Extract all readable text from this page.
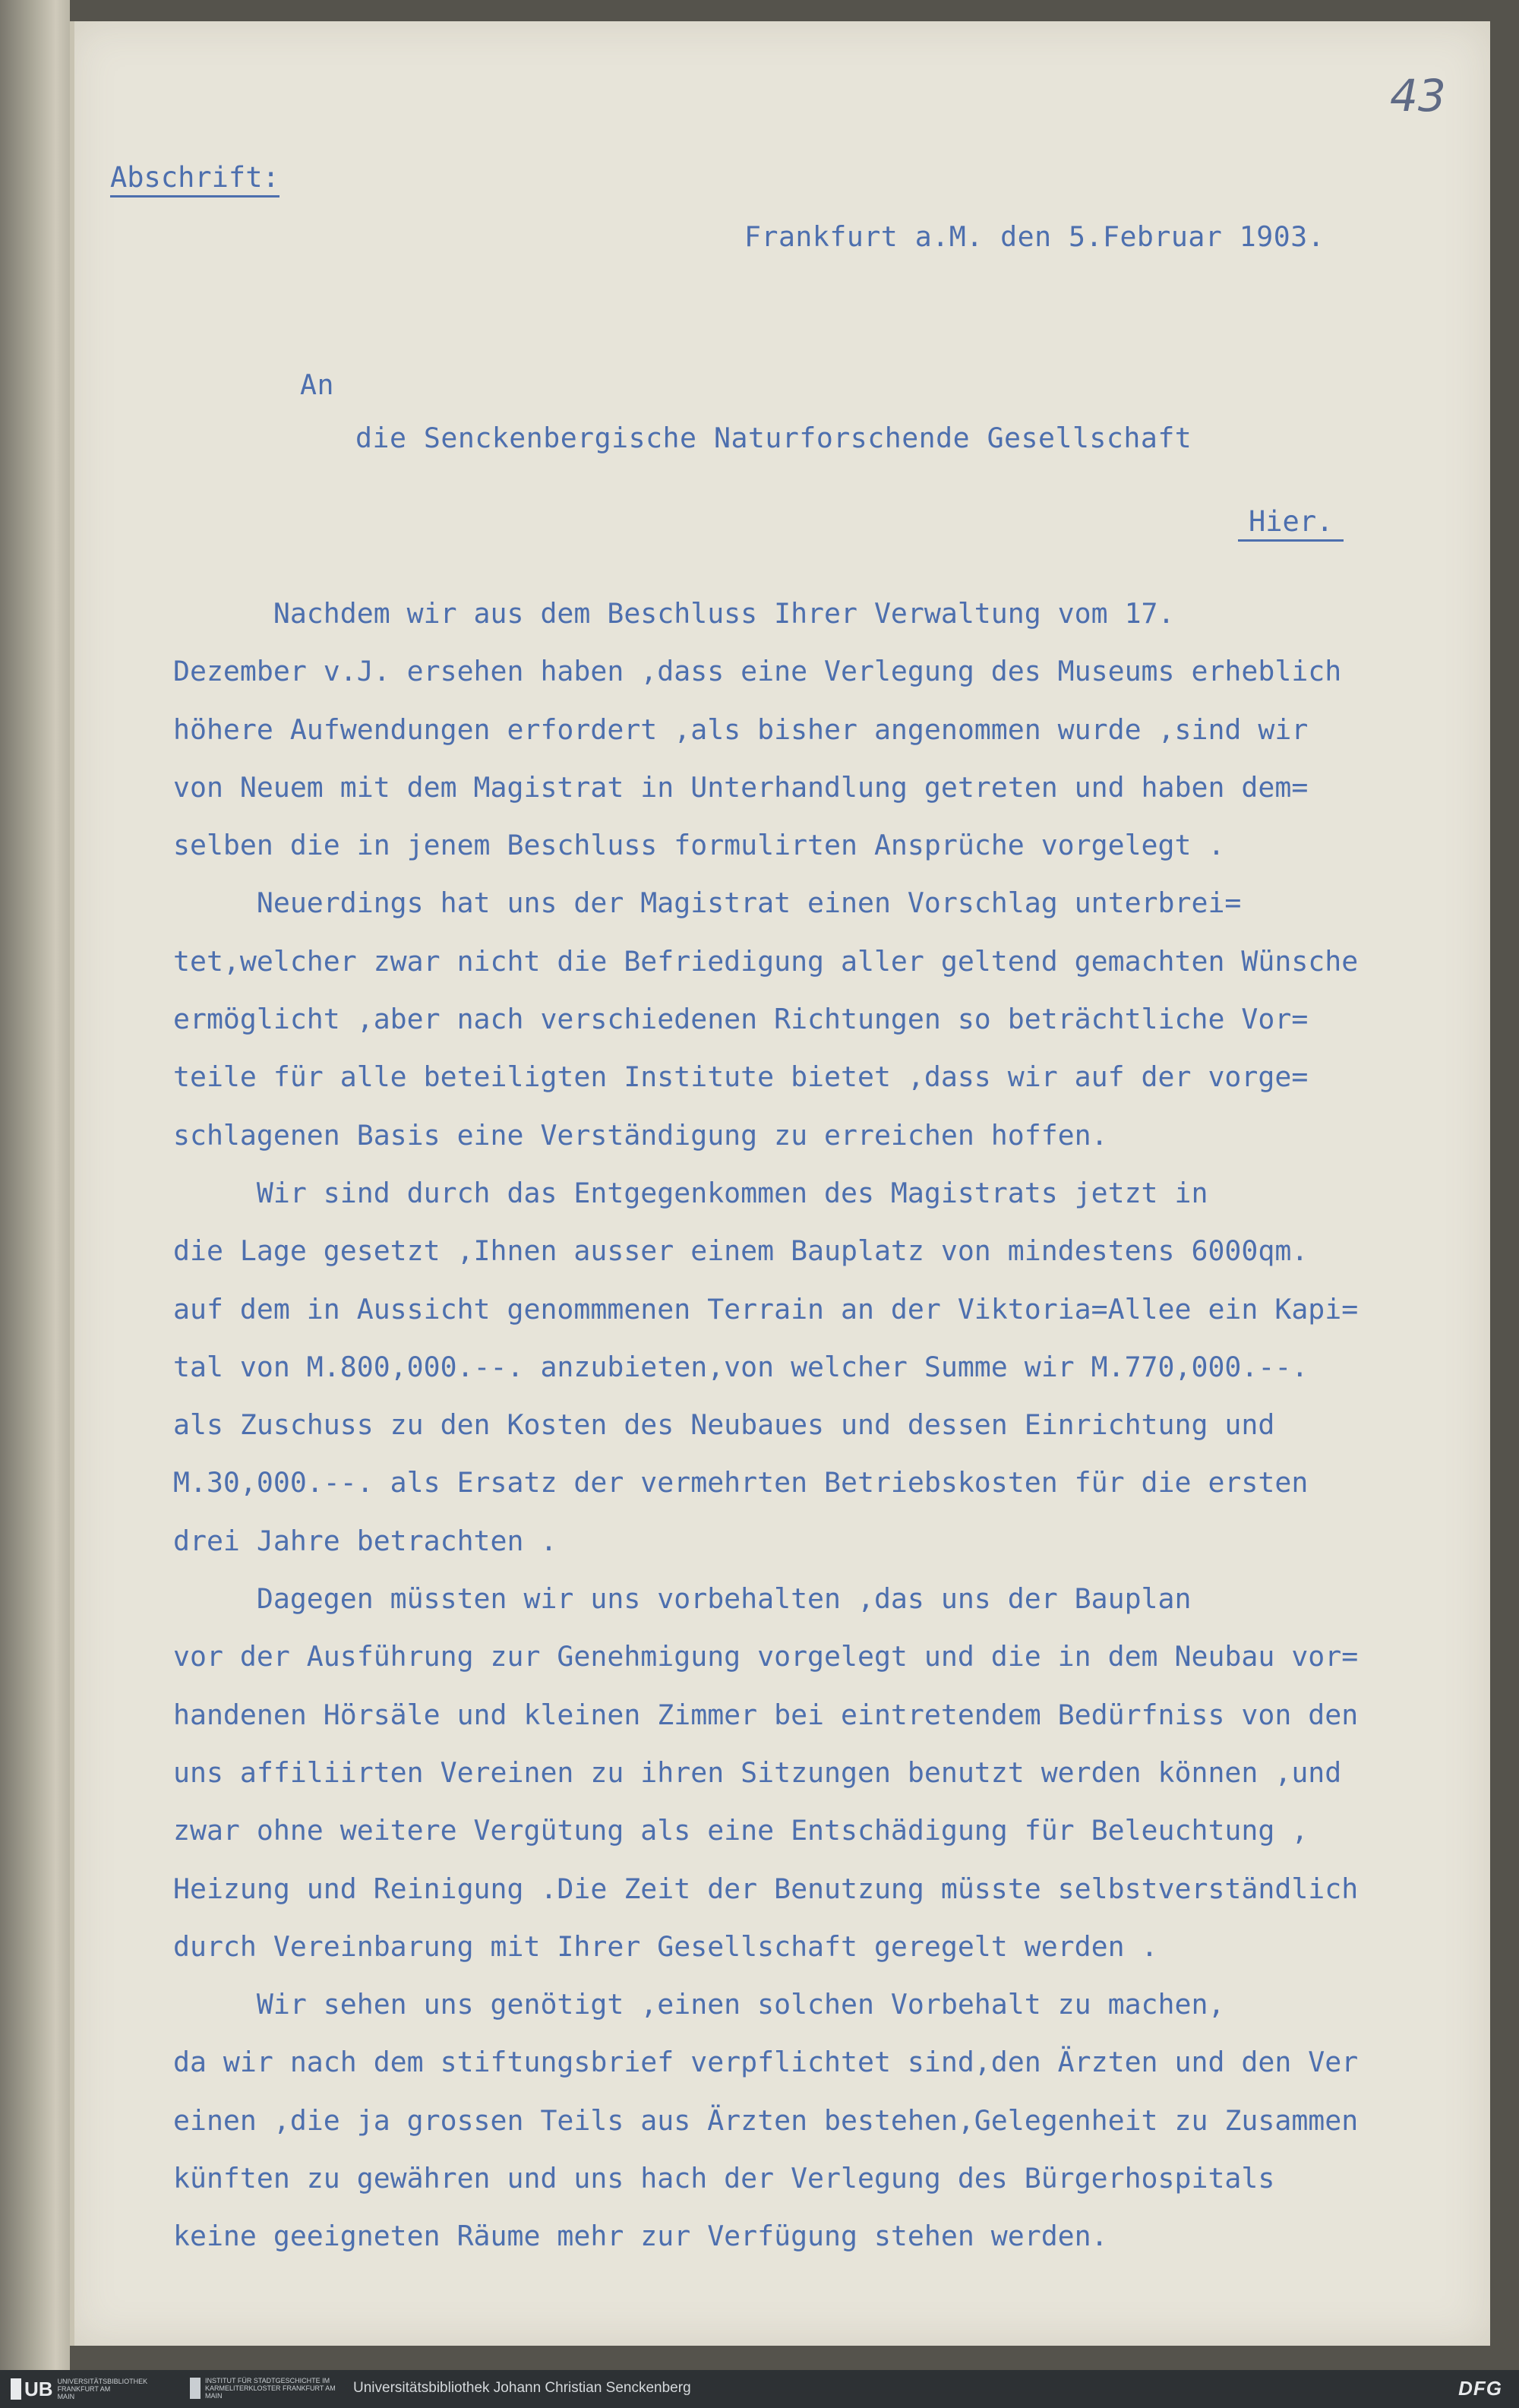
43
Abschrift:
Frankfurt a.M. den 5.Februar 1903.
An
die Senckenbergische Naturforschende Gesellschaft
Hier.
Nachdem wir aus dem Beschluss Ihrer Verwaltung vom 17.
Dezember v.J. ersehen haben ,dass eine Verlegung des Museums erheblich
höhere Aufwendungen erfordert ,als bisher angenommen wurde ,sind wir
von Neuem mit dem Magistrat in Unterhandlung getreten und haben dem=
selben die in jenem Beschluss formulirten Ansprüche vorgelegt .
Neuerdings hat uns der Magistrat einen Vorschlag unterbrei=
tet,welcher zwar nicht die Befriedigung aller geltend gemachten Wünsche
ermöglicht ,aber nach verschiedenen Richtungen so beträchtliche Vor=
teile für alle beteiligten Institute bietet ,dass wir auf der vorge=
schlagenen Basis eine Verständigung zu erreichen hoffen.
Wir sind durch das Entgegenkommen des Magistrats jetzt in
die Lage gesetzt ,Ihnen ausser einem Bauplatz von mindestens 6000qm.
auf dem in Aussicht genommmenen Terrain an der Viktoria=Allee ein Kapi=
tal von M.800,000.--. anzubieten,von welcher Summe wir M.770,000.--.
als Zuschuss zu den Kosten des Neubaues und dessen Einrichtung und
M.30,000.--. als Ersatz der vermehrten Betriebskosten für die ersten
drei Jahre betrachten .
Dagegen müssten wir uns vorbehalten ,das uns der Bauplan
vor der Ausführung zur Genehmigung vorgelegt und die in dem Neubau vor=
handenen Hörsäle und kleinen Zimmer bei eintretendem Bedürfniss von den
uns affiliirten Vereinen zu ihren Sitzungen benutzt werden können ,und
zwar ohne weitere Vergütung als eine Entschädigung für Beleuchtung ,
Heizung und Reinigung .Die Zeit der Benutzung müsste selbstverständlich
durch Vereinbarung mit Ihrer Gesellschaft geregelt werden .
Wir sehen uns genötigt ,einen solchen Vorbehalt zu machen,
da wir nach dem stiftungsbrief verpflichtet sind,den Ärzten und den Ver
einen ,die ja grossen Teils aus Ärzten bestehen,Gelegenheit zu Zusammen
künften zu gewähren und uns hach der Verlegung des Bürgerhospitals
keine geeigneten Räume mehr zur Verfügung stehen werden.
UB UNIVERSITÄTSBIBLIOTHEK FRANKFURT AM MAIN
INSTITUT FÜR STADTGESCHICHTE IM KARMELITERKLOSTER FRANKFURT AM MAIN	Universitätsbibliothek Johann Christian Senckenberg	DFG
